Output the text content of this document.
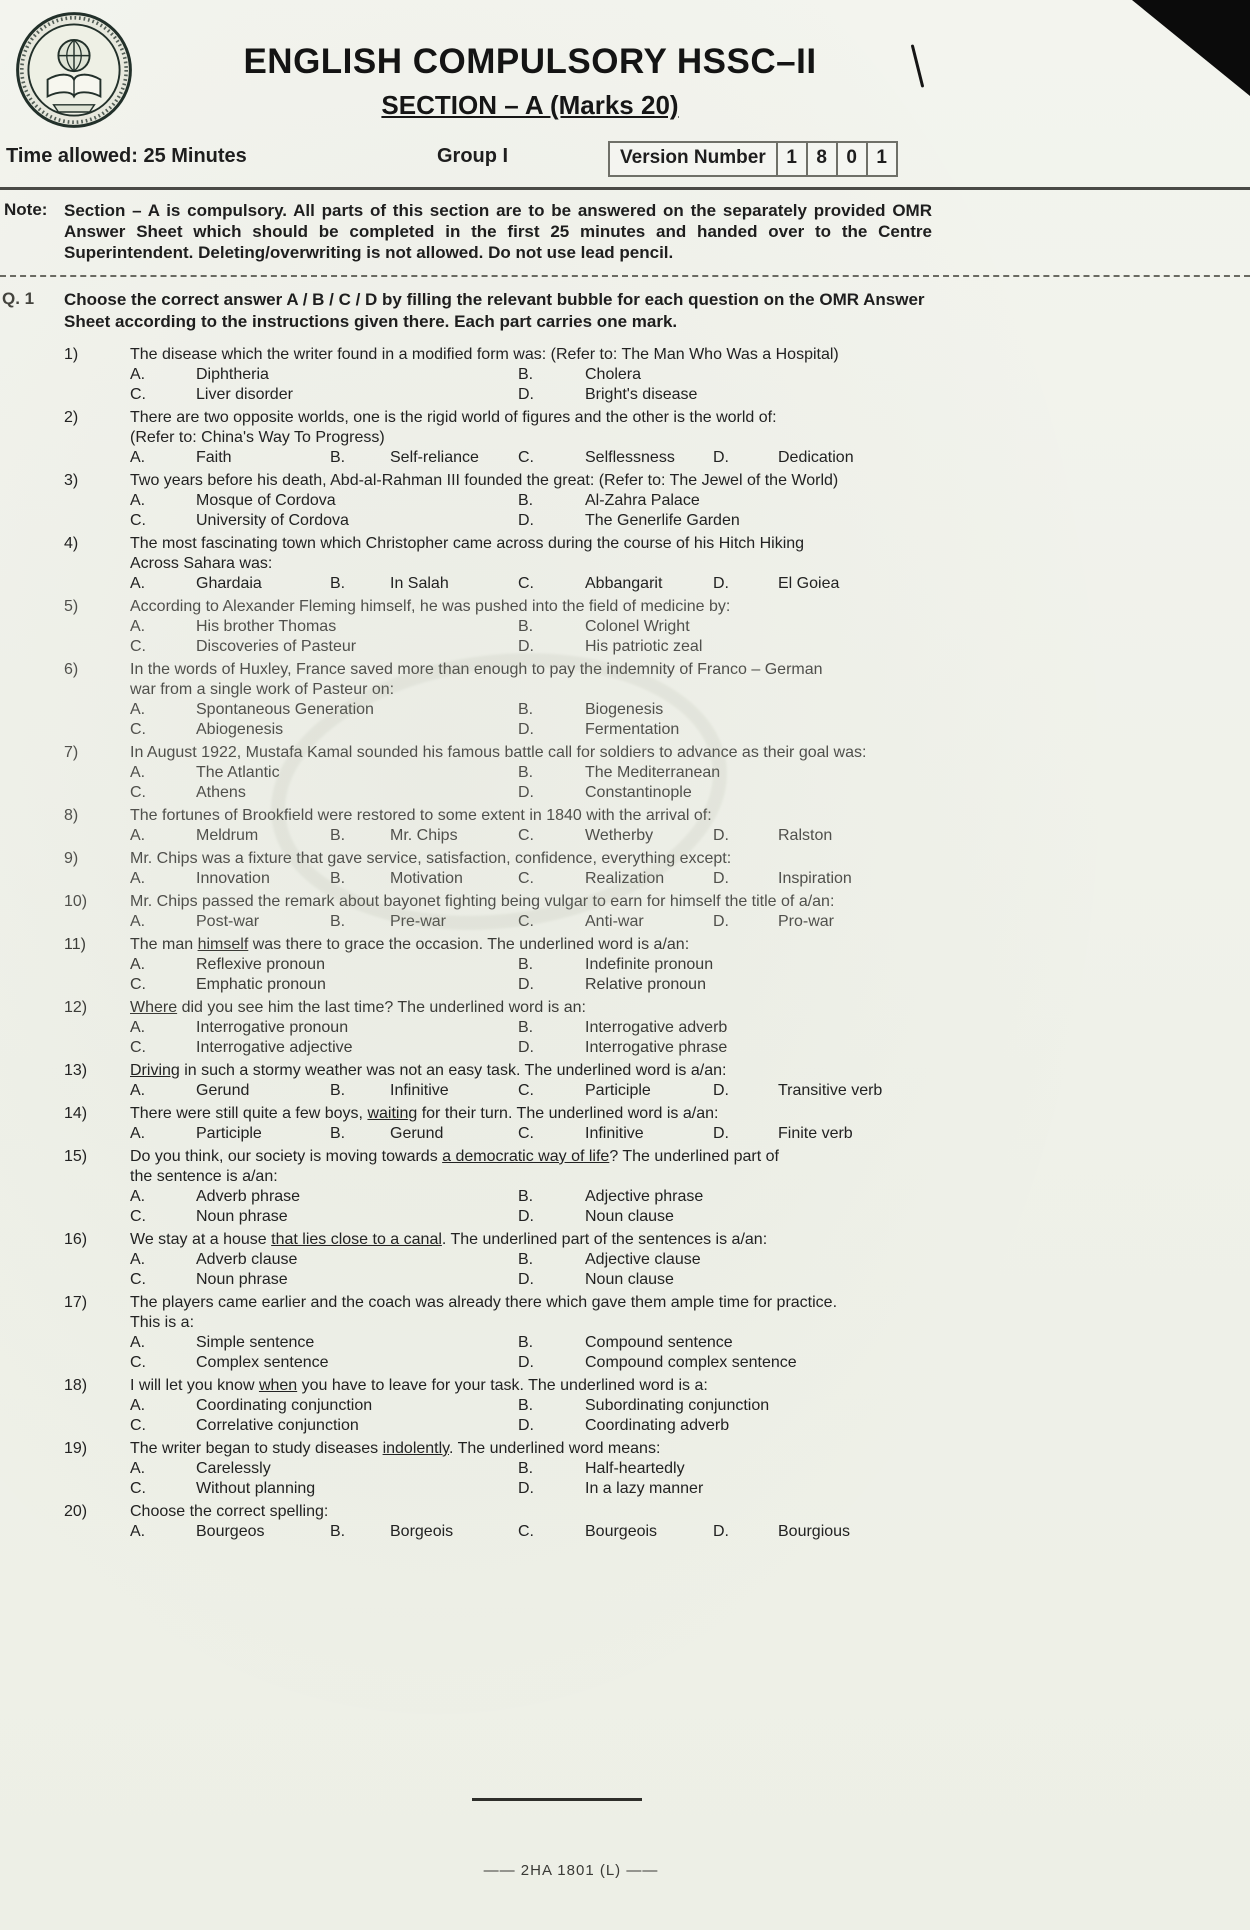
ENGLISH COMPULSORY HSSC–II
SECTION – A (Marks 20)
Time allowed: 25 Minutes	Group I	Version Number	1	8	0	1
Note: Section – A is compulsory. All parts of this section are to be answered on the separately provided OMR Answer Sheet which should be completed in the first 25 minutes and handed over to the Centre Superintendent. Deleting/overwriting is not allowed. Do not use lead pencil.
Q. 1	Choose the correct answer A / B / C / D by filling the relevant bubble for each question on the OMR Answer Sheet according to the instructions given there. Each part carries one mark.
1)	The disease which the writer found in a modified form was: (Refer to: The Man Who Was a Hospital)
A.	Diphtheria	B.	Cholera
C.	Liver disorder	D.	Bright's disease
2)	There are two opposite worlds, one is the rigid world of figures and the other is the world of:
(Refer to: China's Way To Progress)
A.	Faith	B.	Self-reliance	C.	Selflessness	D.	Dedication
3)	Two years before his death, Abd-al-Rahman III founded the great: (Refer to: The Jewel of the World)
A.	Mosque of Cordova	B.	Al-Zahra Palace
C.	University of Cordova	D.	The Generlife Garden
4)	The most fascinating town which Christopher came across during the course of his Hitch Hiking
Across Sahara was:
A.	Ghardaia	B.	In Salah	C.	Abbangarit	D.	El Goiea
5)	According to Alexander Fleming himself, he was pushed into the field of medicine by:
A.	His brother Thomas	B.	Colonel Wright
C.	Discoveries of Pasteur	D.	His patriotic zeal
6)	In the words of Huxley, France saved more than enough to pay the indemnity of Franco – German
war from a single work of Pasteur on:
A.	Spontaneous Generation	B.	Biogenesis
C.	Abiogenesis	D.	Fermentation
7)	In August 1922, Mustafa Kamal sounded his famous battle call for soldiers to advance as their goal was:
A.	The Atlantic	B.	The Mediterranean
C.	Athens	D.	Constantinople
8)	The fortunes of Brookfield were restored to some extent in 1840 with the arrival of:
A.	Meldrum	B.	Mr. Chips	C.	Wetherby	D.	Ralston
9)	Mr. Chips was a fixture that gave service, satisfaction, confidence, everything except:
A.	Innovation	B.	Motivation	C.	Realization	D.	Inspiration
10)	Mr. Chips passed the remark about bayonet fighting being vulgar to earn for himself the title of a/an:
A.	Post-war	B.	Pre-war	C.	Anti-war	D.	Pro-war
11)	The man himself was there to grace the occasion. The underlined word is a/an:
A.	Reflexive pronoun	B.	Indefinite pronoun
C.	Emphatic pronoun	D.	Relative pronoun
12)	Where did you see him the last time? The underlined word is an:
A.	Interrogative pronoun	B.	Interrogative adverb
C.	Interrogative adjective	D.	Interrogative phrase
13)	Driving in such a stormy weather was not an easy task. The underlined word is a/an:
A.	Gerund	B.	Infinitive	C.	Participle	D.	Transitive verb
14)	There were still quite a few boys, waiting for their turn. The underlined word is a/an:
A.	Participle	B.	Gerund	C.	Infinitive	D.	Finite verb
15)	Do you think, our society is moving towards a democratic way of life? The underlined part of
the sentence is a/an:
A.	Adverb phrase	B.	Adjective phrase
C.	Noun phrase	D.	Noun clause
16)	We stay at a house that lies close to a canal. The underlined part of the sentences is a/an:
A.	Adverb clause	B.	Adjective clause
C.	Noun phrase	D.	Noun clause
17)	The players came earlier and the coach was already there which gave them ample time for practice.
This is a:
A.	Simple sentence	B.	Compound sentence
C.	Complex sentence	D.	Compound complex sentence
18)	I will let you know when you have to leave for your task. The underlined word is a:
A.	Coordinating conjunction	B.	Subordinating conjunction
C.	Correlative conjunction	D.	Coordinating adverb
19)	The writer began to study diseases indolently. The underlined word means:
A.	Carelessly	B.	Half-heartedly
C.	Without planning	D.	In a lazy manner
20)	Choose the correct spelling:
A.	Bourgeos	B.	Borgeois	C.	Bourgeois	D.	Bourgious
—— 2HA 1801 (L) ——
